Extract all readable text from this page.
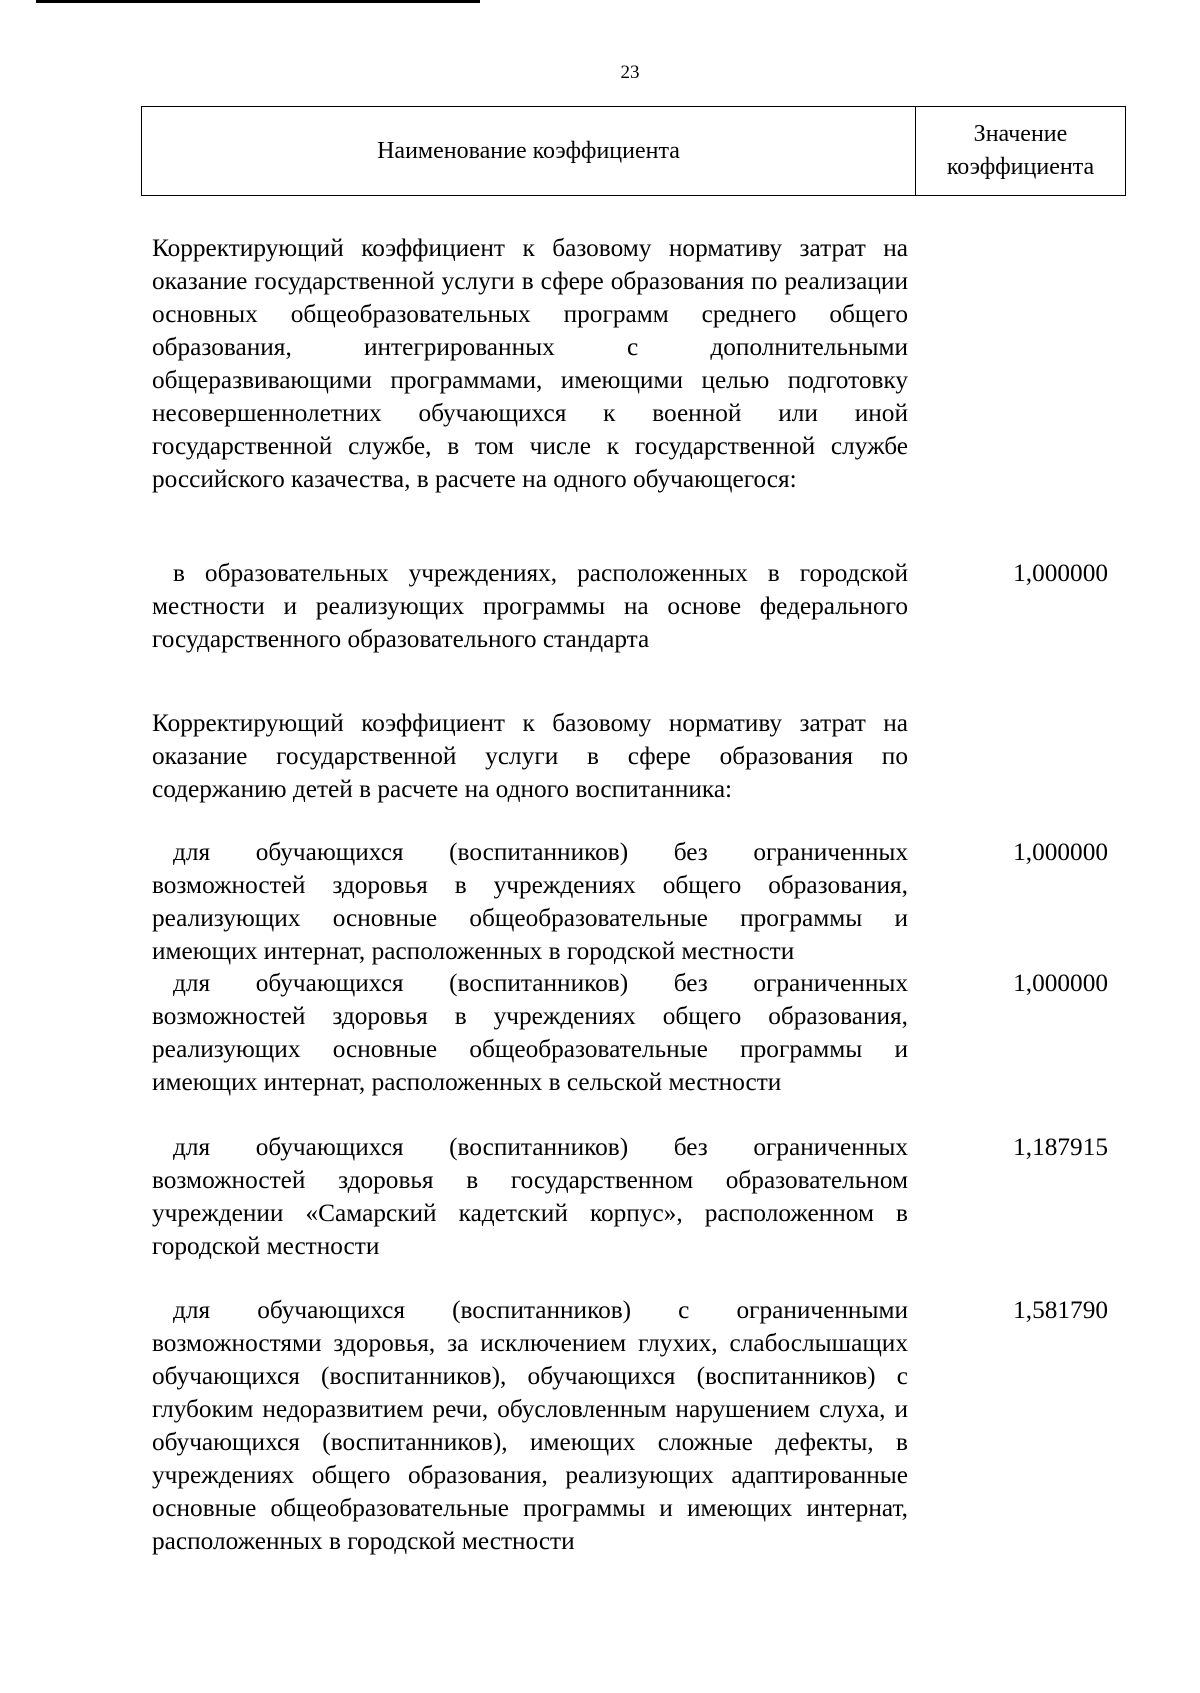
23
Наименование коэффициента
Значение
коэффициента
Корректирующий коэффициент к базовому нормативу затрат на оказание государственной услуги в сфере образования по реализации основных общеобразовательных программ среднего общего образования, интегрированных с дополнительными общеразвивающими программами, имеющими целью подготовку несовершеннолетних обучающихся к военной или иной государственной службе, в том числе к государственной службе российского казачества, в расчете на одного обучающегося:
в образовательных учреждениях, расположенных в городской местности и реализующих программы на основе федерального государственного образовательного стандарта
1,000000
Корректирующий коэффициент к базовому нормативу затрат на оказание государственной услуги в сфере образования по содержанию детей в расчете на одного воспитанника:
для обучающихся (воспитанников) без ограниченных возможностей здоровья в учреждениях общего образования, реализующих основные общеобразовательные программы и имеющих интернат, расположенных в городской местности
1,000000
для обучающихся (воспитанников) без ограниченных возможностей здоровья в учреждениях общего образования, реализующих основные общеобразовательные программы и имеющих интернат, расположенных в сельской местности
1,000000
для обучающихся (воспитанников) без ограниченных возможностей здоровья в государственном образовательном учреждении «Самарский кадетский корпус», расположенном в городской местности
1,187915
для обучающихся (воспитанников) с ограниченными возможностями здоровья, за исключением глухих, слабослышащих обучающихся (воспитанников), обучающихся (воспитанников) с глубоким недоразвитием речи, обусловленным нарушением слуха, и обучающихся (воспитанников), имеющих сложные дефекты, в учреждениях общего образования, реализующих адаптированные основные общеобразовательные программы и имеющих интернат, расположенных в городской местности
1,581790
